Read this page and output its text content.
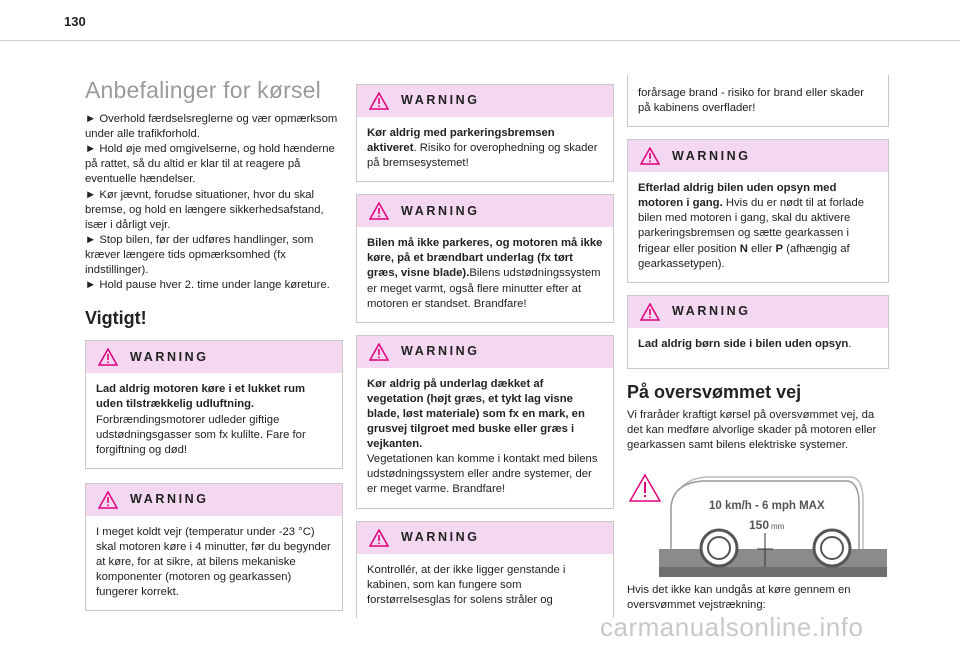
130
Anbefalinger for kørsel

► Overhold færdselsreglerne og vær opmærksom under alle trafikforhold.

► Hold øje med omgivelserne, og hold hænderne på rattet, så du altid er klar til at reagere på eventuelle hændelser.

► Kør jævnt, forudse situationer, hvor du skal bremse, og hold en længere sikkerhedsafstand, især i dårligt vejr.

► Stop bilen, før der udføres handlinger, som kræver længere tids opmærksomhed (fx indstillinger).

► Hold pause hver 2. time under lange køreture.

Vigtigt!
WARNING
Lad aldrig motoren køre i et lukket rum uden tilstrækkelig udluftning.
Forbrændingsmotorer udleder giftige udstødningsgasser som fx kulilte. Fare for forgiftning og død!
WARNING
I meget koldt vejr (temperatur under -23 °C) skal motoren køre i 4 minutter, før du begynder at køre, for at sikre, at bilens mekaniske komponenter (motoren og gearkassen) fungerer korrekt.
WARNING
Kør aldrig med parkeringsbremsen aktiveret. Risiko for overophedning og skader på bremsesystemet!
WARNING
Bilen må ikke parkeres, og motoren må ikke køre, på et brændbart underlag (fx tørt græs, visne blade).Bilens udstødningssystem er meget varmt, også flere minutter efter at motoren er standset. Brandfare!
WARNING
Kør aldrig på underlag dækket af vegetation (højt græs, et tykt lag visne blade, løst materiale) som fx en mark, en grusvej tilgroet med buske eller græs i vejkanten.
Vegetationen kan komme i kontakt med bilens udstødningssystem eller andre systemer, der er meget varme. Brandfare!
WARNING
Kontrollér, at der ikke ligger genstande i kabinen, som kan fungere som forstørrelsesglas for solens stråler og
forårsage brand - risiko for brand eller skader på kabinens overflader!
WARNING
Efterlad aldrig bilen uden opsyn med motoren i gang. Hvis du er nødt til at forlade bilen med motoren i gang, skal du aktivere parkeringsbremsen og sætte gearkassen i frigear eller position N eller P (afhængig af gearkassetypen).
WARNING
Lad aldrig børn side i bilen uden opsyn.
På oversvømmet vej

Vi fraråder kraftigt kørsel på oversvømmet vej, da det kan medføre alvorlige skader på motoren eller gearkassen samt bilens elektriske systemer.

10 km/h - 6 mph MAX
150 mm

Hvis det ikke kan undgås at køre gennem en oversvømmet vejstrækning:

carmanualsonline.info
